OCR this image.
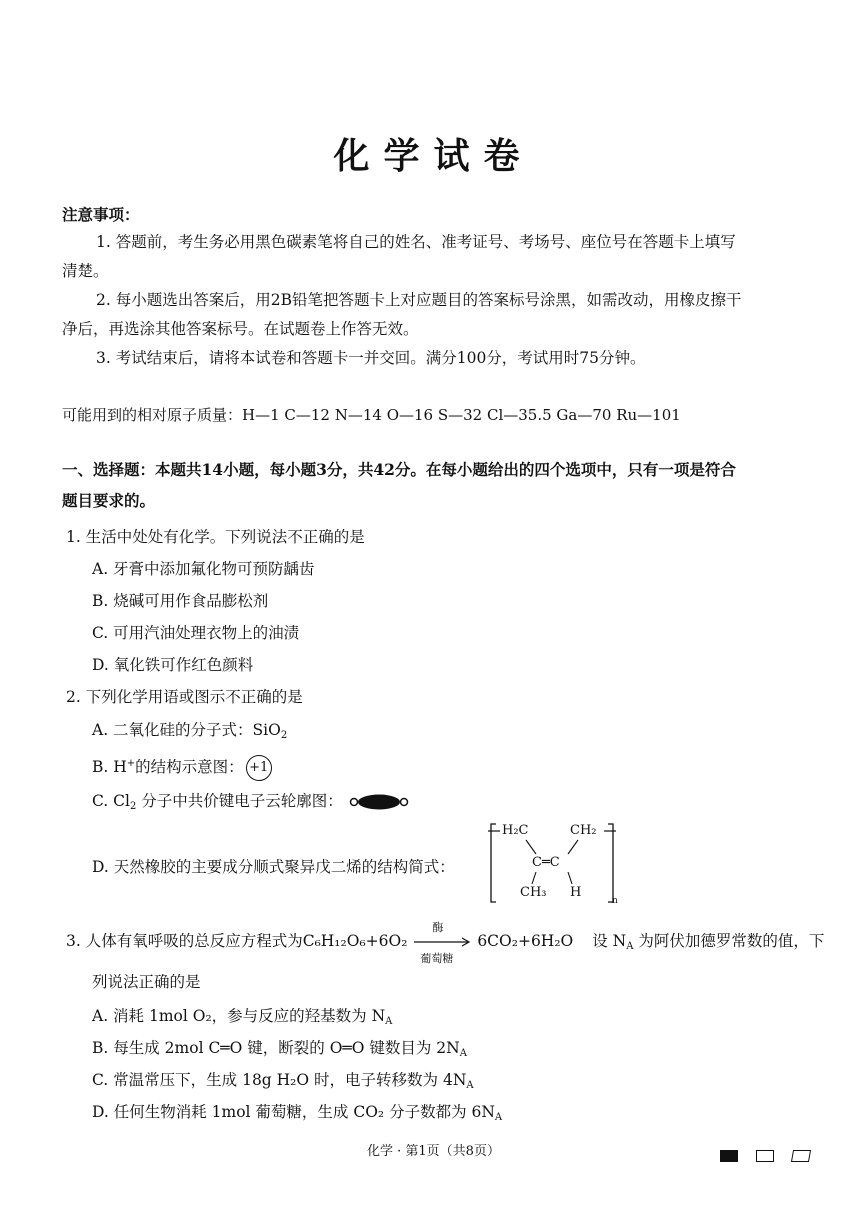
化学试卷
注意事项：
1. 答题前，考生务必用黑色碳素笔将自己的姓名、准考证号、考场号、座位号在答题卡上填写
清楚。
2. 每小题选出答案后，用2B铅笔把答题卡上对应题目的答案标号涂黑，如需改动，用橡皮擦干
净后，再选涂其他答案标号。在试题卷上作答无效。
3. 考试结束后，请将本试卷和答题卡一并交回。满分100分，考试用时75分钟。
可能用到的相对原子质量：H—1 C—12 N—14 O—16 S—32 Cl—35.5 Ga—70 Ru—101
一、选择题：本题共14小题，每小题3分，共42分。在每小题给出的四个选项中，只有一项是符合
题目要求的。
1. 生活中处处有化学。下列说法不正确的是
A. 牙膏中添加氟化物可预防龋齿
B. 烧碱可用作食品膨松剂
C. 可用汽油处理衣物上的油渍
D. 氧化铁可作红色颜料
2. 下列化学用语或图示不正确的是
A. 二氧化硅的分子式：SiO$_2$
B. H+的结构示意图： +1
C. $Cl_2$ 分子中共价键电子云轮廓图：
D. 天然橡胶的主要成分顺式聚异戊二烯的结构简式：
H₂C	CH₂
C═C
CH₃ H
n
3. 人体有氧呼吸的总反应方程式为C₆H₁₂O₆+6O₂
酶
葡萄糖
6CO₂+6H₂O 设 $N_A$ 为阿伏加德罗常数的值，下
列说法正确的是
A. 消耗 1mol O₂，参与反应的羟基数为 $N_A$
B. 每生成 2mol C═O 键，断裂的 O═O 键数目为 $2N_A$
C. 常温常压下，生成 18g H₂O 时，电子转移数为 $4N_A$
D. 任何生物消耗 1mol 葡萄糖，生成 CO₂ 分子数都为 $6N_A$
化学 · 第1页（共8页）
